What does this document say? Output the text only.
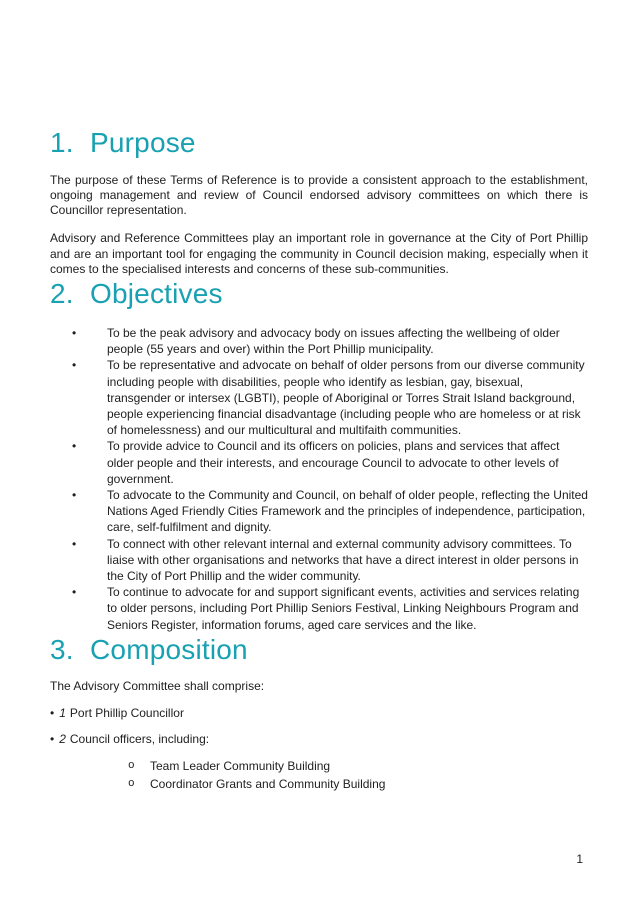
1. Purpose

The purpose of these Terms of Reference is to provide a consistent approach to the establishment, ongoing management and review of Council endorsed advisory committees on which there is Councillor representation.

Advisory and Reference Committees play an important role in governance at the City of Port Phillip and are an important tool for engaging the community in Council decision making, especially when it comes to the specialised interests and concerns of these sub-communities.

2. Objectives
•	To be the peak advisory and advocacy body on issues affecting the wellbeing of older people (55 years and over) within the Port Phillip municipality.
•	To be representative and advocate on behalf of older persons from our diverse community including people with disabilities, people who identify as lesbian, gay, bisexual, transgender or intersex (LGBTI), people of Aboriginal or Torres Strait Island background, people experiencing financial disadvantage (including people who are homeless or at risk of homelessness) and our multicultural and multifaith communities.
•	To provide advice to Council and its officers on policies, plans and services that affect older people and their interests, and encourage Council to advocate to other levels of government.
•	To advocate to the Community and Council, on behalf of older people, reflecting the United Nations Aged Friendly Cities Framework and the principles of independence, participation, care, self-fulfilment and dignity.
•	To connect with other relevant internal and external community advisory committees. To liaise with other organisations and networks that have a direct interest in older persons in the City of Port Phillip and the wider community.
•	To continue to advocate for and support significant events, activities and services relating to older persons, including Port Phillip Seniors Festival, Linking Neighbours Program and Seniors Register, information forums, aged care services and the like.
3. Composition

The Advisory Committee shall comprise:

• 1 Port Phillip Councillor

• 2 Council officers, including:

o	Team Leader Community Building
o	Coordinator Grants and Community Building
1
